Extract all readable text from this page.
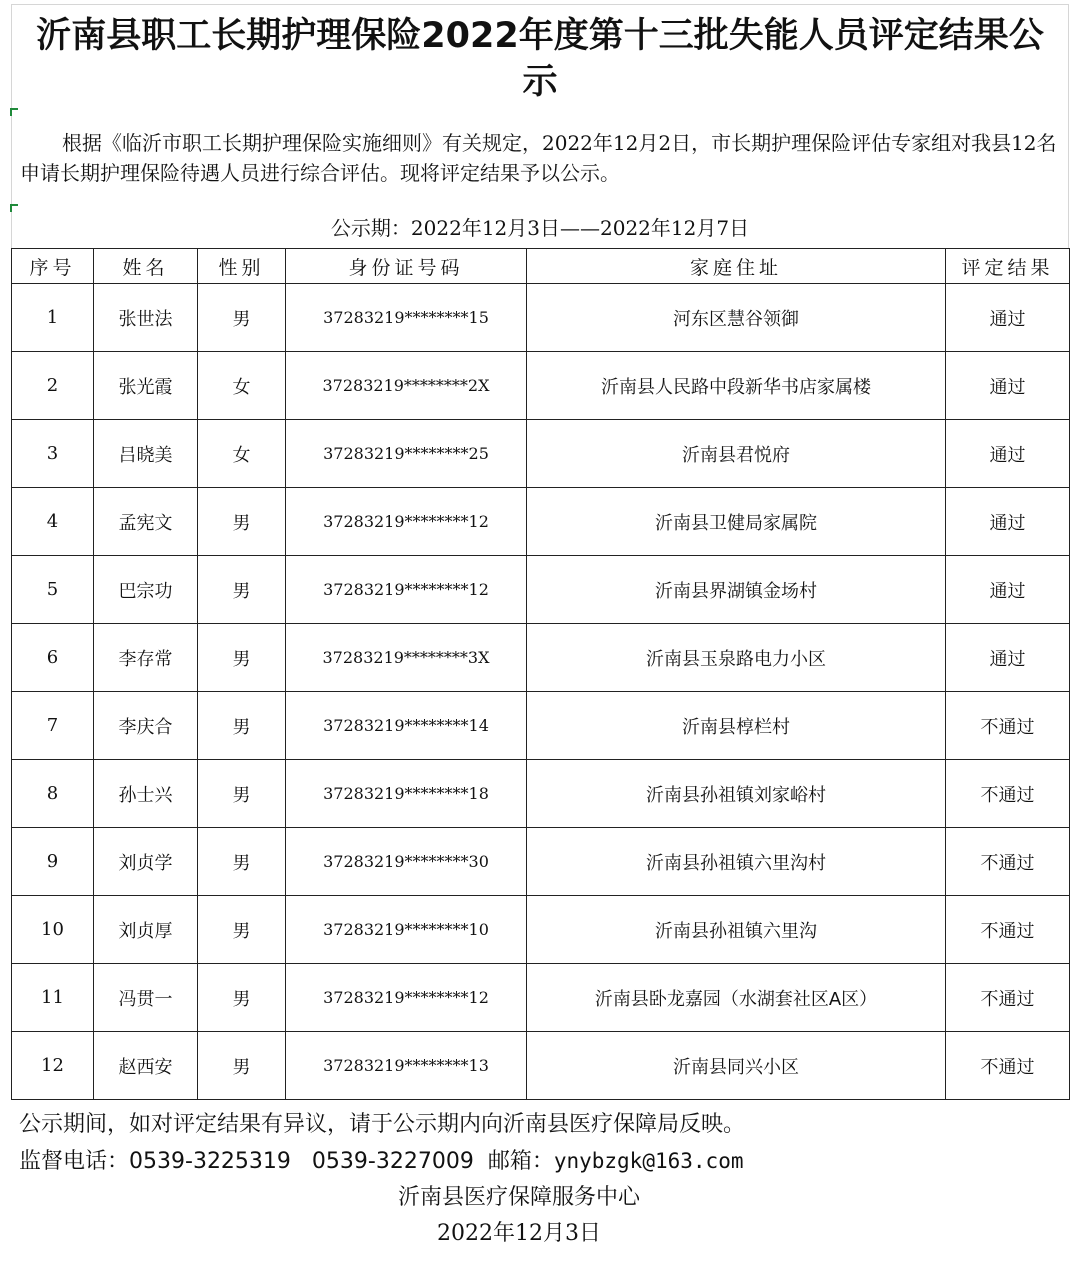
沂南县职工长期护理保险2022年度第十三批失能人员评定结果公示
根据《临沂市职工长期护理保险实施细则》有关规定，2022年12月2日，市长期护理保险评估专家组对我县12名申请长期护理保险待遇人员进行综合评估。现将评定结果予以公示。
公示期：2022年12月3日——2022年12月7日
序号	姓名	性别	身份证号码	家庭住址	评定结果
1	张世法	男	37283219********15	河东区慧谷领御	通过
2	张光霞	女	37283219********2X	沂南县人民路中段新华书店家属楼	通过
3	吕晓美	女	37283219********25	沂南县君悦府	通过
4	孟宪文	男	37283219********12	沂南县卫健局家属院	通过
5	巴宗功	男	37283219********12	沂南县界湖镇金场村	通过
6	李存常	男	37283219********3X	沂南县玉泉路电力小区	通过
7	李庆合	男	37283219********14	沂南县椁栏村	不通过
8	孙士兴	男	37283219********18	沂南县孙祖镇刘家峪村	不通过
9	刘贞学	男	37283219********30	沂南县孙祖镇六里沟村	不通过
10	刘贞厚	男	37283219********10	沂南县孙祖镇六里沟	不通过
11	冯贯一	男	37283219********12	沂南县卧龙嘉园（水湖套社区A区）	不通过
12	赵西安	男	37283219********13	沂南县同兴小区	不通过
公示期间，如对评定结果有异议，请于公示期内向沂南县医疗保障局反映。
监督电话：0539-3225319 0539-3227009 邮箱：ynybzgk@163.com
沂南县医疗保障服务中心
2022年12月3日
